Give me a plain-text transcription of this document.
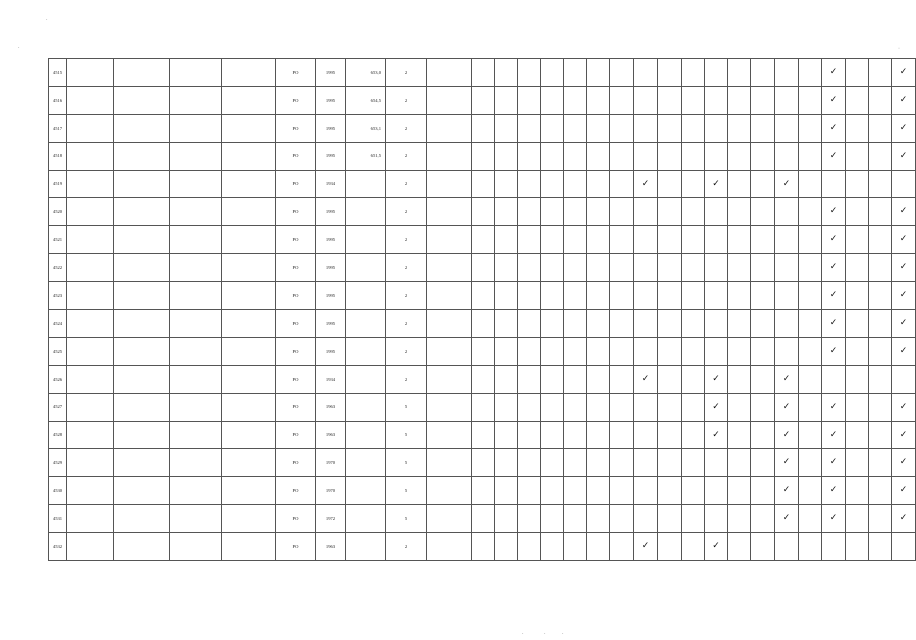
4515					РО	1995	653,0	2																	✓			✓
4516					РО	1995	654,5	2																	✓			✓
4517					РО	1995	653,1	2																	✓			✓
4518					РО	1995	651,5	2																	✓			✓
4519					РО	1934		2									✓			✓			✓					
4520					РО	1995		2																	✓			✓
4521					РО	1995		2																	✓			✓
4522					РО	1995		2																	✓			✓
4523					РО	1995		2																	✓			✓
4524					РО	1995		2																	✓			✓
4525					РО	1995		2																	✓			✓
4526					РО	1934		2									✓			✓			✓					
4527					РО	1963		5												✓			✓		✓			✓
4528					РО	1963		5												✓			✓		✓			✓
4529					РО	1970		5															✓		✓			✓
4530					РО	1970		5															✓		✓			✓
4531					РО	1972		5															✓		✓			✓
4532					РО	1963		2									✓			✓								
.
.	·
.	.	.
